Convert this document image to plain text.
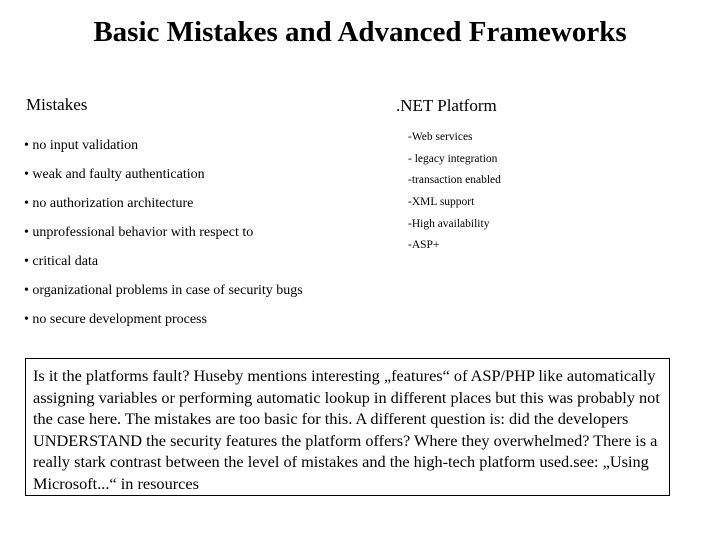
Basic Mistakes and Advanced Frameworks
Mistakes	.NET Platform
• no input validation
• weak and faulty authentication
• no authorization architecture
• unprofessional behavior with respect to
• critical data
• organizational problems in case of security bugs
• no secure development process
-Web services
- legacy integration
-transaction enabled
-XML support
-High availability
-ASP+

Is it the platforms fault? Huseby mentions interesting „features“ of ASP/PHP like automatically assigning variables or performing automatic lookup in different places but this was probably not the case here. The mistakes are too basic for this. A different question is: did the developers UNDERSTAND the security features the platform offers? Where they overwhelmed? There is a really stark contrast between the level of mistakes and the high-tech platform used.see: „Using Microsoft...“ in resources
